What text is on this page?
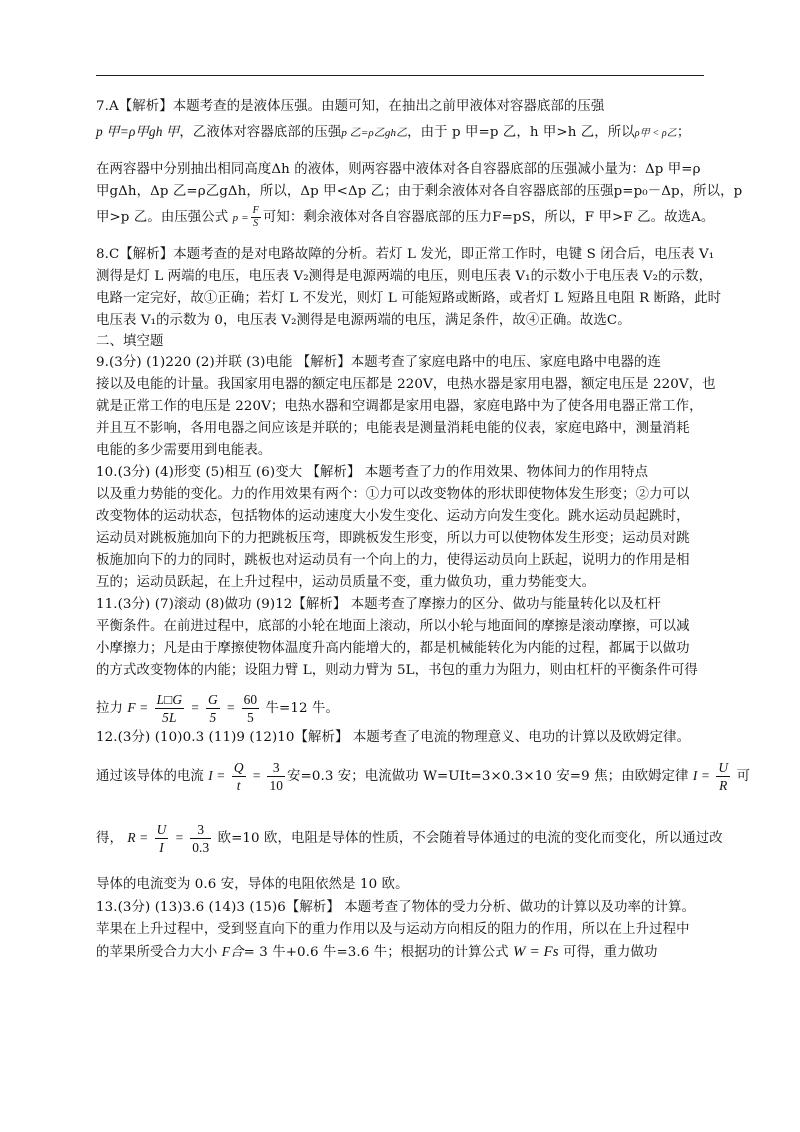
7.A【解析】本题考查的是液体压强。由题可知，在抽出之前甲液体对容器底部的压强
p 甲=ρ甲gh 甲，乙液体对容器底部的压强p 乙=ρ乙gh乙，由于 p 甲=p 乙，h 甲>h 乙，所以ρ甲 < ρ乙；
在两容器中分别抽出相同高度Δh 的液体，则两容器中液体对各自容器底部的压强减小量为：Δp 甲=ρ
甲gΔh，Δp 乙=ρ乙gΔh，所以，Δp 甲<Δp 乙；由于剩余液体对各自容器底部的压强p=p₀－Δp，所以，p
甲>p 乙。由压强公式 $p = \frac{F}{S}$ 可知：剩余液体对各自容器底部的压力F=pS，所以，F 甲>F 乙。故选A。
8.C【解析】本题考查的是对电路故障的分析。若灯 L 发光，即正常工作时，电键 S 闭合后，电压表 V₁
测得是灯 L 两端的电压，电压表 V₂测得是电源两端的电压，则电压表 V₁的示数小于电压表 V₂的示数，
电路一定完好，故①正确；若灯 L 不发光，则灯 L 可能短路或断路，或者灯 L 短路且电阻 R 断路，此时
电压表 V₁的示数为 0，电压表 V₂测得是电源两端的电压，满足条件，故④正确。故选C。
二、填空题
9.(3分) (1)220 (2)并联 (3)电能 【解析】本题考查了家庭电路中的电压、家庭电路中电器的连
接以及电能的计量。我国家用电器的额定电压都是 220V，电热水器是家用电器，额定电压是 220V，也
就是正常工作的电压是 220V；电热水器和空调都是家用电器，家庭电路中为了使各用电器正常工作，
并且互不影响，各用电器之间应该是并联的；电能表是测量消耗电能的仪表，家庭电路中，测量消耗
电能的多少需要用到电能表。
10.(3分) (4)形变 (5)相互 (6)变大 【解析】 本题考查了力的作用效果、物体间力的作用特点
以及重力势能的变化。力的作用效果有两个：①力可以改变物体的形状即使物体发生形变；②力可以
改变物体的运动状态，包括物体的运动速度大小发生变化、运动方向发生变化。跳水运动员起跳时，
运动员对跳板施加向下的力把跳板压弯，即跳板发生形变，所以力可以使物体发生形变；运动员对跳
板施加向下的力的同时，跳板也对运动员有一个向上的力，使得运动员向上跃起，说明力的作用是相
互的；运动员跃起，在上升过程中，运动员质量不变，重力做负功，重力势能变大。
11.(3分) (7)滚动 (8)做功 (9)12【解析】 本题考查了摩擦力的区分、做功与能量转化以及杠杆
平衡条件。在前进过程中，底部的小轮在地面上滚动，所以小轮与地面间的摩擦是滚动摩擦，可以减
小摩擦力；凡是由于摩擦使物体温度升高内能增大的，都是机械能转化为内能的过程，都属于以做功
的方式改变物体的内能；设阻力臂 L，则动力臂为 5L，书包的重力为阻力，则由杠杆的平衡条件可得
拉力 $F = \frac{L□G}{5L} = \frac{G}{5} = \frac{60}{5}$ 牛=12 牛。
12.(3分) (10)0.3 (11)9 (12)10【解析】 本题考查了电流的物理意义、电功的计算以及欧姆定律。
通过该导体的电流 $I = \frac{Q}{t} = \frac{3}{10}$ 安=0.3 安；电流做功 W=UIt=3×0.3×10 安=9 焦；由欧姆定律 $I = \frac{U}{R}$ 可
得， $R = \frac{U}{I} = \frac{3}{0.3}$ 欧=10 欧，电阻是导体的性质，不会随着导体通过的电流的变化而变化，所以通过改
导体的电流变为 0.6 安，导体的电阻依然是 10 欧。
13.(3分) (13)3.6 (14)3 (15)6【解析】 本题考查了物体的受力分析、做功的计算以及功率的计算。
苹果在上升过程中，受到竖直向下的重力作用以及与运动方向相反的阻力的作用，所以在上升过程中
的苹果所受合力大小 F合= 3 牛+0.6 牛=3.6 牛；根据功的计算公式 W = Fs 可得，重力做功
